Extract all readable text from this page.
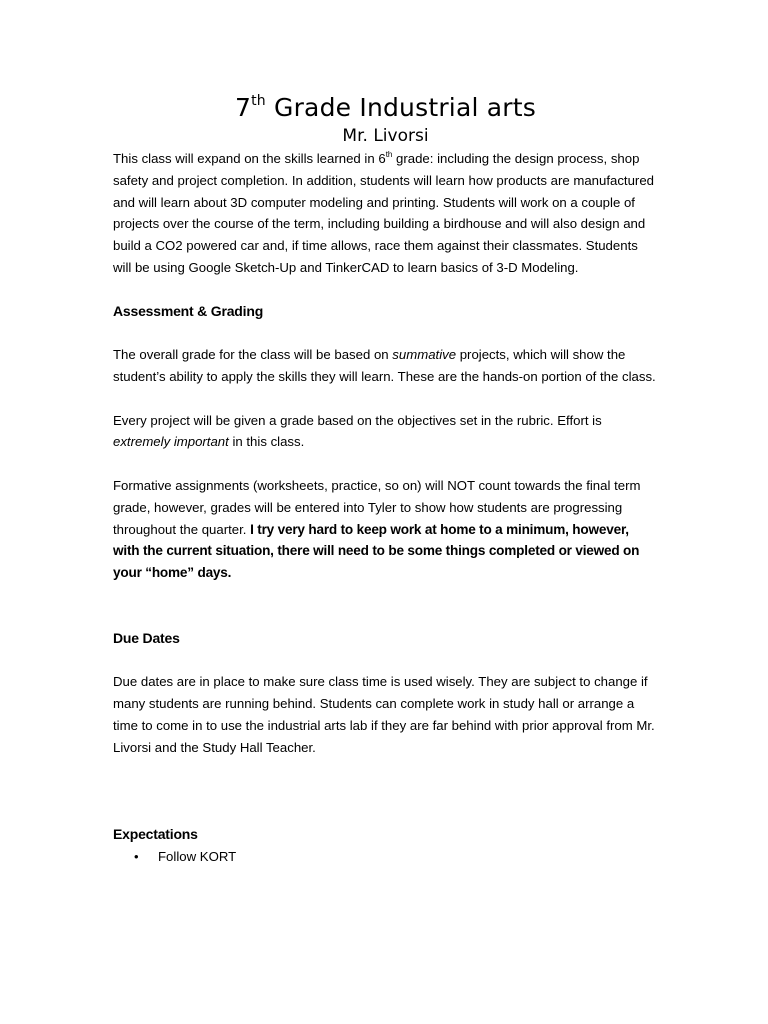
7th Grade Industrial arts
Mr. Livorsi

This class will expand on the skills learned in 6th grade: including the design process, shop safety and project completion. In addition, students will learn how products are manufactured and will learn about 3D computer modeling and printing. Students will work on a couple of projects over the course of the term, including building a birdhouse and will also design and build a CO2 powered car and, if time allows, race them against their classmates. Students will be using Google Sketch-Up and TinkerCAD to learn basics of 3-D Modeling.

Assessment & Grading

The overall grade for the class will be based on summative projects, which will show the student’s ability to apply the skills they will learn. These are the hands-on portion of the class.

Every project will be given a grade based on the objectives set in the rubric. Effort is extremely important in this class.

Formative assignments (worksheets, practice, so on) will NOT count towards the final term grade, however, grades will be entered into Tyler to show how students are progressing throughout the quarter. I try very hard to keep work at home to a minimum, however, with the current situation, there will need to be some things completed or viewed on your “home” days.

Due Dates

Due dates are in place to make sure class time is used wisely. They are subject to change if many students are running behind. Students can complete work in study hall or arrange a time to come in to use the industrial arts lab if they are far behind with prior approval from Mr. Livorsi and the Study Hall Teacher.

Expectations
• Follow KORT
